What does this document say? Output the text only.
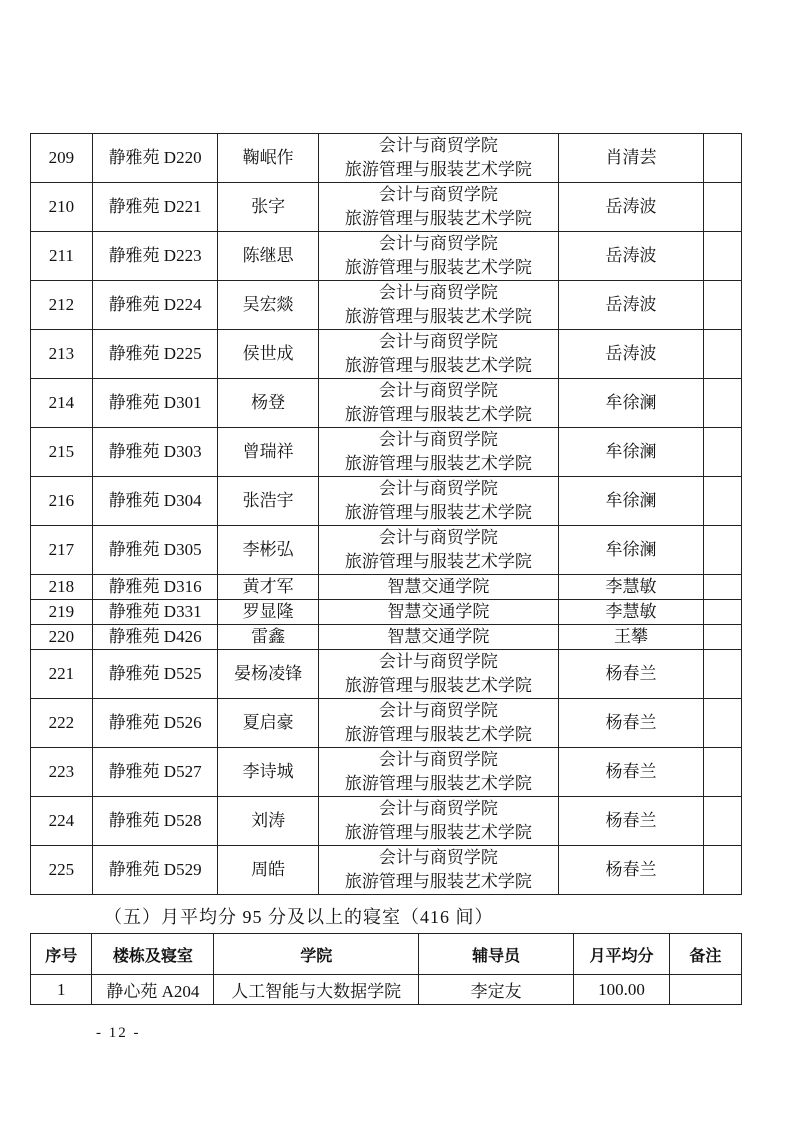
209	静雅苑 D220	鞠岷作	会计与商贸学院
旅游管理与服装艺术学院	肖清芸	
210	静雅苑 D221	张字	会计与商贸学院
旅游管理与服装艺术学院	岳涛波	
211	静雅苑 D223	陈继思	会计与商贸学院
旅游管理与服装艺术学院	岳涛波	
212	静雅苑 D224	吴宏燚	会计与商贸学院
旅游管理与服装艺术学院	岳涛波	
213	静雅苑 D225	侯世成	会计与商贸学院
旅游管理与服装艺术学院	岳涛波	
214	静雅苑 D301	杨登	会计与商贸学院
旅游管理与服装艺术学院	牟徐澜	
215	静雅苑 D303	曾瑞祥	会计与商贸学院
旅游管理与服装艺术学院	牟徐澜	
216	静雅苑 D304	张浩宇	会计与商贸学院
旅游管理与服装艺术学院	牟徐澜	
217	静雅苑 D305	李彬弘	会计与商贸学院
旅游管理与服装艺术学院	牟徐澜	
218	静雅苑 D316	黄才军	智慧交通学院	李慧敏	
219	静雅苑 D331	罗显隆	智慧交通学院	李慧敏	
220	静雅苑 D426	雷鑫	智慧交通学院	王攀	
221	静雅苑 D525	晏杨凌锋	会计与商贸学院
旅游管理与服装艺术学院	杨春兰	
222	静雅苑 D526	夏启豪	会计与商贸学院
旅游管理与服装艺术学院	杨春兰	
223	静雅苑 D527	李诗城	会计与商贸学院
旅游管理与服装艺术学院	杨春兰	
224	静雅苑 D528	刘涛	会计与商贸学院
旅游管理与服装艺术学院	杨春兰	
225	静雅苑 D529	周皓	会计与商贸学院
旅游管理与服装艺术学院	杨春兰	
（五）月平均分 95 分及以上的寝室（416 间）
序号	楼栋及寝室	学院	辅导员	月平均分	备注
1	静心苑 A204	人工智能与大数据学院	李定友	100.00	
- 12 -
